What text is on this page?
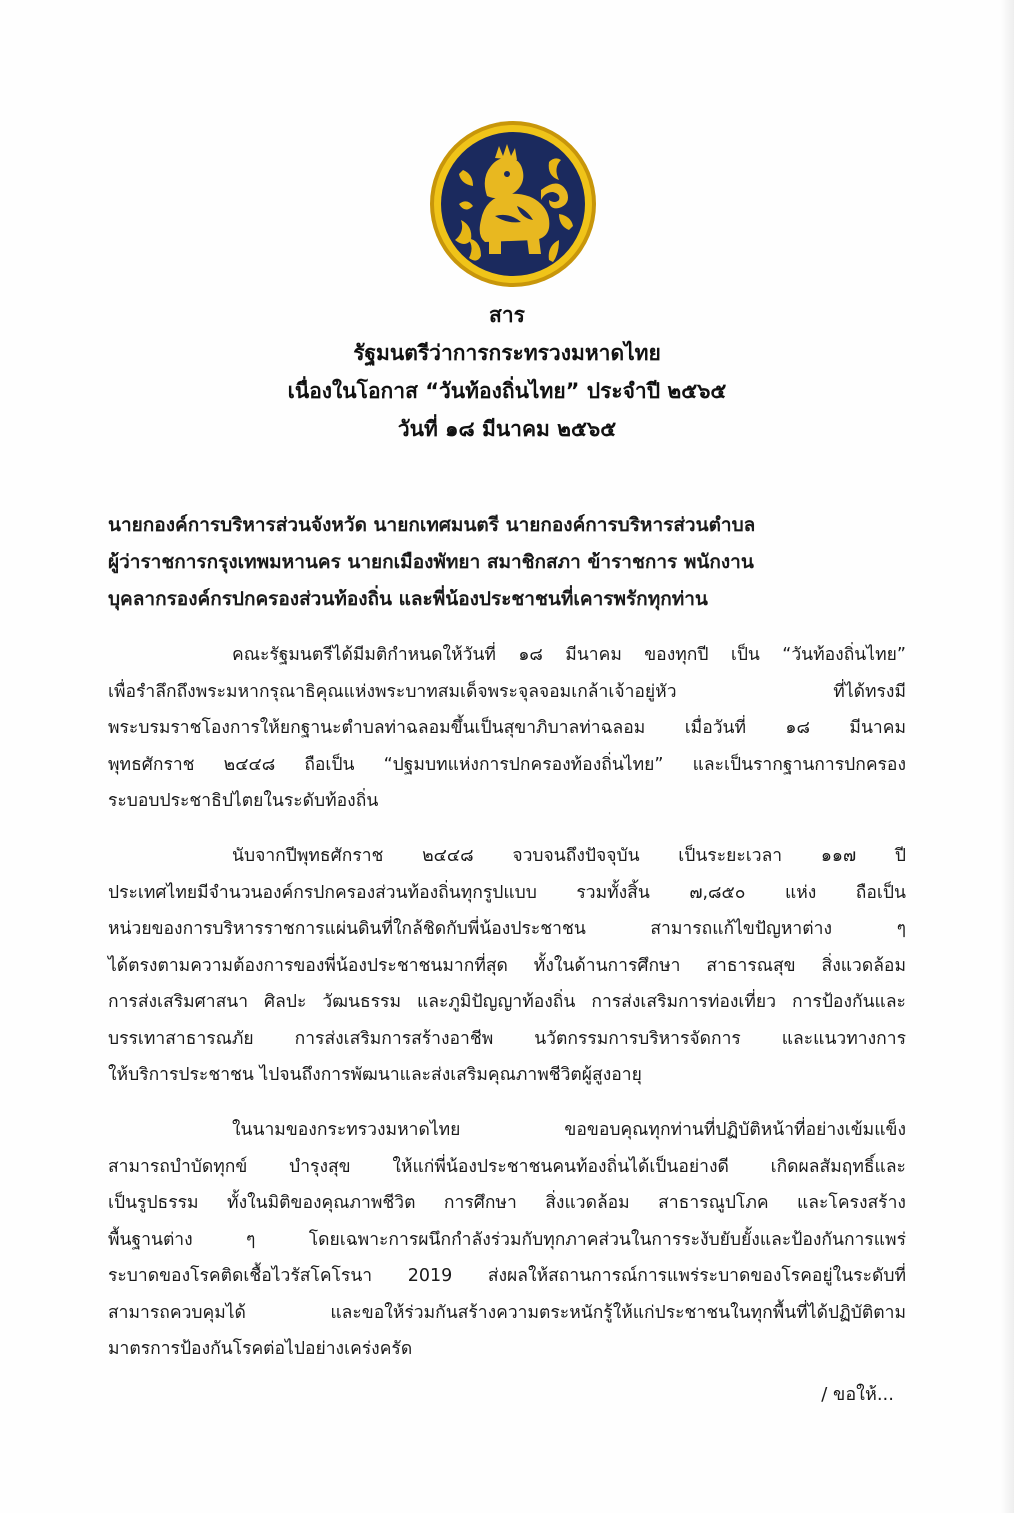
สาร
รัฐมนตรีว่าการกระทรวงมหาดไทย
เนื่องในโอกาส “วันท้องถิ่นไทย” ประจำปี ๒๕๖๕
วันที่ ๑๘ มีนาคม ๒๕๖๕
นายกองค์การบริหารส่วนจังหวัด นายกเทศมนตรี นายกองค์การบริหารส่วนตำบล
ผู้ว่าราชการกรุงเทพมหานคร นายกเมืองพัทยา สมาชิกสภา ข้าราชการ พนักงาน
บุคลากรองค์กรปกครองส่วนท้องถิ่น และพี่น้องประชาชนที่เคารพรักทุกท่าน
คณะรัฐมนตรีได้มีมติกำหนดให้วันที่ ๑๘ มีนาคม ของทุกปี เป็น “วันท้องถิ่นไทย”
เพื่อรำลึกถึงพระมหากรุณาธิคุณแห่งพระบาทสมเด็จพระจุลจอมเกล้าเจ้าอยู่หัว	ที่ได้ทรงมี
พระบรมราชโองการให้ยกฐานะตำบลท่าฉลอมขึ้นเป็นสุขาภิบาลท่าฉลอม เมื่อวันที่ ๑๘ มีนาคม
พุทธศักราช ๒๔๔๘ ถือเป็น “ปฐมบทแห่งการปกครองท้องถิ่นไทย” และเป็นรากฐานการปกครอง
ระบอบประชาธิปไตยในระดับท้องถิ่น
นับจากปีพุทธศักราช ๒๔๔๘ จวบจนถึงปัจจุบัน เป็นระยะเวลา ๑๑๗ ปี
ประเทศไทยมีจำนวนองค์กรปกครองส่วนท้องถิ่นทุกรูปแบบ รวมทั้งสิ้น ๗,๘๕๐ แห่ง ถือเป็น
หน่วยของการบริหารราชการแผ่นดินที่ใกล้ชิดกับพี่น้องประชาชน	สามารถแก้ไขปัญหาต่าง	ๆ
ได้ตรงตามความต้องการของพี่น้องประชาชนมากที่สุด ทั้งในด้านการศึกษา สาธารณสุข สิ่งแวดล้อม
การส่งเสริมศาสนา ศิลปะ วัฒนธรรม และภูมิปัญญาท้องถิ่น การส่งเสริมการท่องเที่ยว การป้องกันและ
บรรเทาสาธารณภัย การส่งเสริมการสร้างอาชีพ นวัตกรรมการบริหารจัดการ และแนวทางการ
ให้บริการประชาชน ไปจนถึงการพัฒนาและส่งเสริมคุณภาพชีวิตผู้สูงอายุ
ในนามของกระทรวงมหาดไทย	ขอขอบคุณทุกท่านที่ปฏิบัติหน้าที่อย่างเข้มแข็ง
สามารถบำบัดทุกข์ บำรุงสุข ให้แก่พี่น้องประชาชนคนท้องถิ่นได้เป็นอย่างดี เกิดผลสัมฤทธิ์และ
เป็นรูปธรรม ทั้งในมิติของคุณภาพชีวิต การศึกษา สิ่งแวดล้อม สาธารณูปโภค และโครงสร้าง
พื้นฐานต่าง	ๆ	โดยเฉพาะการผนึกกำลังร่วมกับทุกภาคส่วนในการระงับยับยั้งและป้องกันการแพร่
ระบาดของโรคติดเชื้อไวรัสโคโรนา 2019 ส่งผลให้สถานการณ์การแพร่ระบาดของโรคอยู่ในระดับที่
สามารถควบคุมได้	และขอให้ร่วมกันสร้างความตระหนักรู้ให้แก่ประชาชนในทุกพื้นที่ได้ปฏิบัติตาม
มาตรการป้องกันโรคต่อไปอย่างเคร่งครัด
/ ขอให้...
